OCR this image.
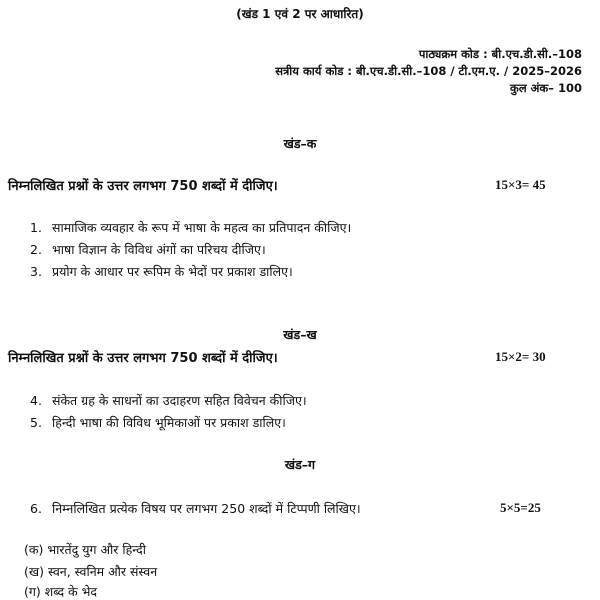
(खंड 1 एवं 2 पर आधारित)
पाठ्यक्रम कोड : बी.एच.डी.सी.–108
सत्रीय कार्य कोड : बी.एच.डी.सी.–108 / टी.एम.ए. / 2025–2026
कुल अंक– 100
खंड–क
निम्नलिखित प्रश्नों के उत्तर लगभग 750 शब्दों में दीजिए।	15×3= 45
1. सामाजिक व्यवहार के रूप में भाषा के महत्व का प्रतिपादन कीजिए।
2. भाषा विज्ञान के विविध अंगों का परिचय दीजिए।
3. प्रयोग के आधार पर रूपिम के भेदों पर प्रकाश डालिए।
खंड–ख
निम्नलिखित प्रश्नों के उत्तर लगभग 750 शब्दों में दीजिए।	15×2= 30
4. संकेत ग्रह के साधनों का उदाहरण सहित विवेचन कीजिए।
5. हिन्दी भाषा की विविध भूमिकाओं पर प्रकाश डालिए।
खंड–ग
6. निम्नलिखित प्रत्येक विषय पर लगभग 250 शब्दों में टिप्पणी लिखिए।	5×5=25
(क) भारतेंदु युग और हिन्दी
(ख) स्वन, स्वनिम और संस्वन
(ग) शब्द के भेद
